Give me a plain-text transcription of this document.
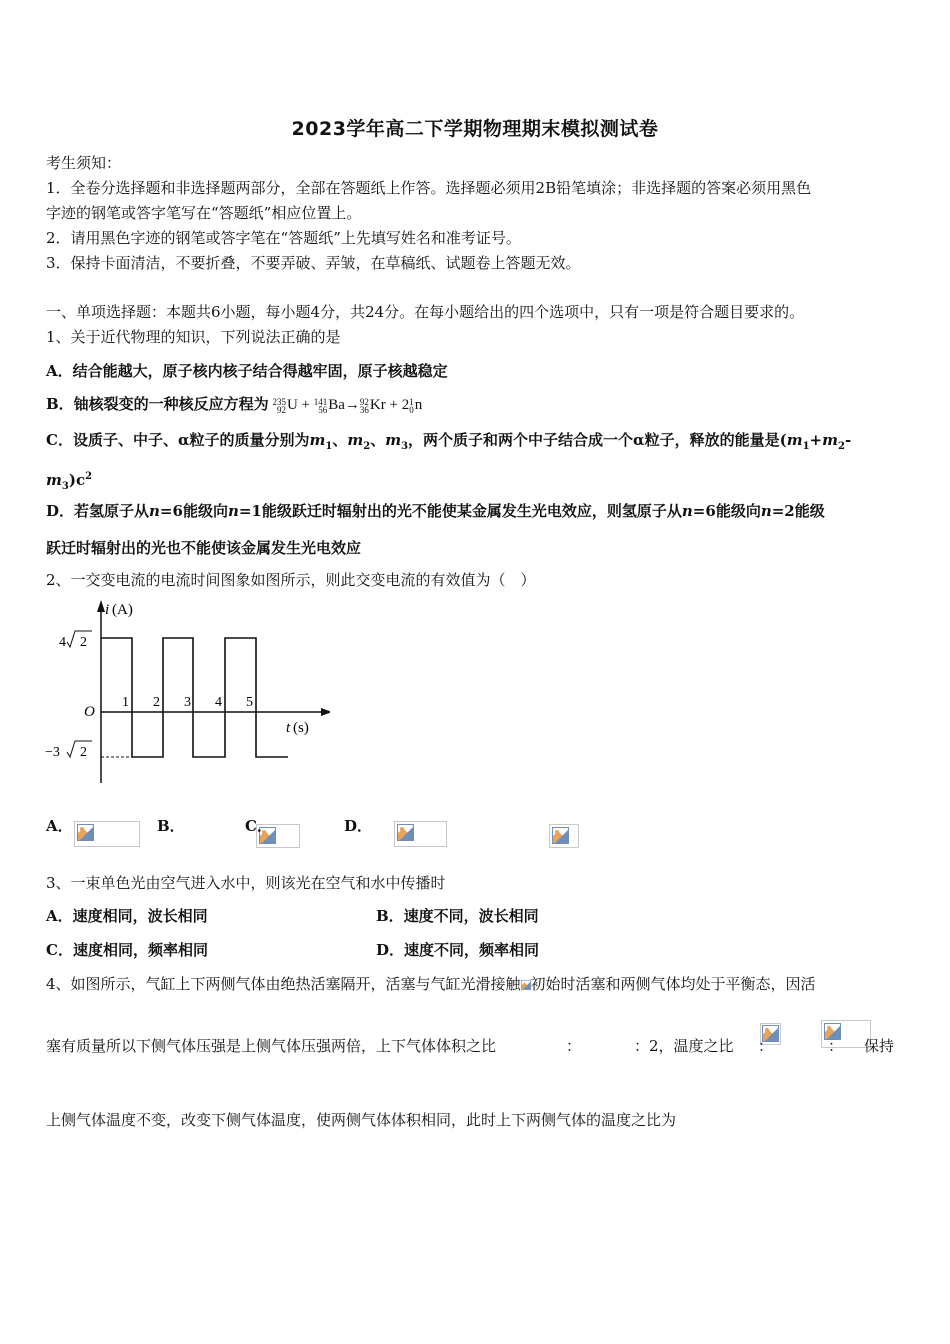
2023学年高二下学期物理期末模拟测试卷
考生须知：
1．全卷分选择题和非选择题两部分，全部在答题纸上作答。选择题必须用2B铅笔填涂；非选择题的答案必须用黑色
字迹的钢笔或答字笔写在“答题纸”相应位置上。
2．请用黑色字迹的钢笔或答字笔在“答题纸”上先填写姓名和准考证号。
3．保持卡面清洁，不要折叠，不要弄破、弄皱，在草稿纸、试题卷上答题无效。
一、单项选择题：本题共6小题，每小题4分，共24分。在每小题给出的四个选项中，只有一项是符合题目要求的。
1、关于近代物理的知识，下列说法正确的是
A．结合能越大，原子核内核子结合得越牢固，原子核越稳定
B．铀核裂变的一种核反应方程为 235
92 U + 141
56 Ba→ 92
36 Kr + 2 1
0 n
C．设质子、中子、α粒子的质量分别为$m_1$、$m_2$、$m_3$，两个质子和两个中子结合成一个α粒子，释放的能量是($m_1+m_2-$
$m_3)c^2$
D．若氢原子从n=6能级向n=1能级跃迁时辐射出的光不能使某金属发生光电效应，则氢原子从n=6能级向n=2能级
跃迁时辐射出的光也不能使该金属发生光电效应
2、一交变电流的电流时间图象如图所示，则此交变电流的有效值为（　）
i (A)
O
t (s)
4 2
−3 2
1 2 3 4 5
A．
	B．
	C．
	D．

3、一束单色光由空气进入水中，则该光在空气和水中传播时
A．速度相同，波长相同	B．速度不同，波长相同
C．速度相同，频率相同	D．速度不同，频率相同
4、如图所示，气缸上下两侧气体由绝热活塞隔开，活塞与气缸光滑接触 初始时活塞和两侧气体均处于平衡态，因活
塞有质量所以下侧气体压强是上侧气体压强两倍，上下气体体积之比
	：
	：2，温度之比
：
	：
保持
上侧气体温度不变，改变下侧气体温度，使两侧气体体积相同，此时上下两侧气体的温度之比为
